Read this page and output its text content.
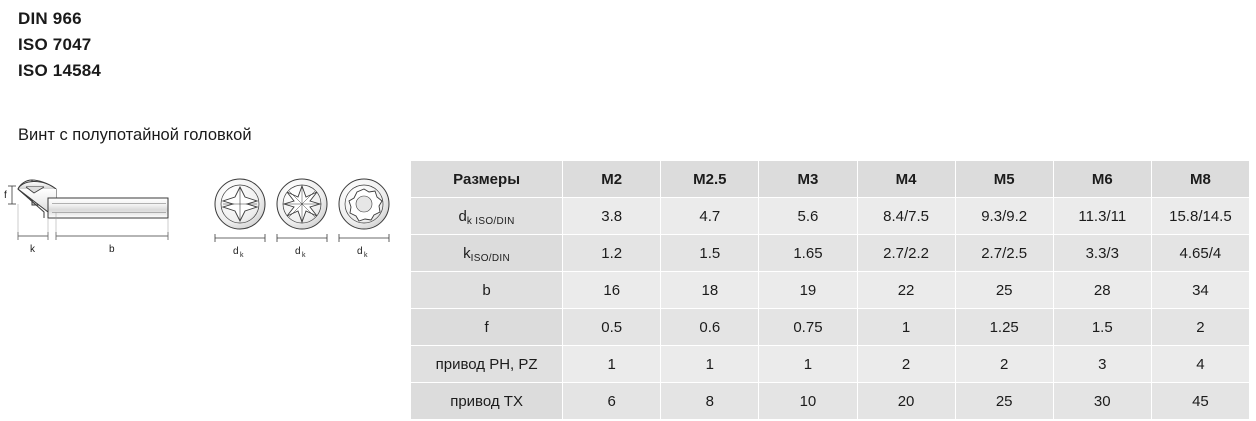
DIN 966
ISO 7047
ISO 14584
Винт с полупотайной головкой
f
k	b	d k	d k	d k
Размеры	M2	M2.5	M3	M4	M5	M6	M8
$d_{k ISO/DIN}$	3.8	4.7	5.6	8.4/7.5	9.3/9.2	11.3/11	15.8/14.5
$k_{ISO/DIN}$	1.2	1.5	1.65	2.7/2.2	2.7/2.5	3.3/3	4.65/4
b	16	18	19	22	25	28	34
f	0.5	0.6	0.75	1	1.25	1.5	2
привод PH, PZ	1	1	1	2	2	3	4
привод TX	6	8	10	20	25	30	45
